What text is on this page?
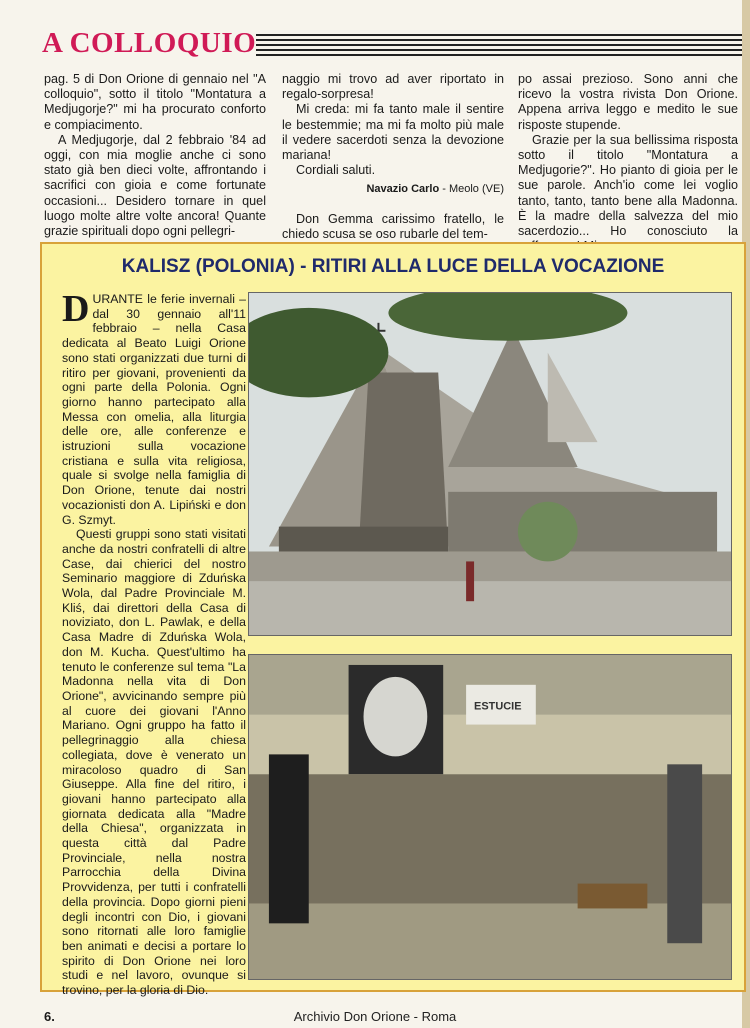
A COLLOQUIO

pag. 5 di Don Orione di gennaio nel "A colloquio", sotto il titolo "Montatura a Medjugorje?" mi ha procurato conforto e compiacimento.

A Medjugorje, dal 2 febbraio '84 ad oggi, con mia moglie anche ci sono stato già ben dieci volte, affrontando i sacrifici con gioia e come fortunate occasioni... Desidero tornare in quel luogo molte altre volte ancora! Quante grazie spirituali dopo ogni pellegri-

naggio mi trovo ad aver riportato in regalo-sorpresa!

Mi creda: mi fa tanto male il sentire le bestemmie; ma mi fa molto più male il vedere sacerdoti senza la devozione mariana!

Cordiali saluti.

Navazio Carlo - Meolo (VE)

Don Gemma carissimo fratello, le chiedo scusa se oso rubarle del tem-

po assai prezioso. Sono anni che ricevo la vostra rivista Don Orione. Appena arriva leggo e medito le sue risposte stupende.

Grazie per la sua bellissima risposta sotto il titolo "Montatura a Medjugorie?". Ho pianto di gioia per le sue parole. Anch'io come lei voglio tanto, tanto, tanto bene alla Madonna. È la madre della salvezza del mio sacerdozio... Ho conosciuto la

KALISZ (POLONIA) - RITIRI ALLA LUCE DELLA VOCAZIONE

DURANTE le ferie invernali – dal 30 gennaio all'11 febbraio – nella Casa dedicata al Beato Luigi Orione sono stati organizzati due turni di ritiro per giovani, provenienti da ogni parte della Polonia. Ogni giorno hanno partecipato alla Messa con omelia, alla liturgia delle ore, alle conferenze e istruzioni sulla vocazione cristiana e sulla vita religiosa, quale si svolge nella famiglia di Don Orione, tenute dai nostri vocazionisti don A. Lipiński e don G. Szmyt.

Questi gruppi sono stati visitati anche da nostri confratelli di altre Case, dai chierici del nostro Seminario maggiore di Zduńska Wola, dal Padre Provinciale M. Kliś, dai direttori della Casa di noviziato, don L. Pawlak, e della Casa Madre di Zduńska Wola, don M. Kucha. Quest'ultimo ha tenuto le conferenze sul tema "La Madonna nella vita di Don Orione", avvicinando sempre più al cuore dei giovani l'Anno Mariano. Ogni gruppo ha fatto il pellegrinaggio alla chiesa collegiata, dove è venerato un miracoloso quadro di San Giuseppe. Alla fine del ritiro, i giovani hanno partecipato alla giornata dedicata alla "Madre della Chiesa", organizzata in questa città dal Padre Provinciale, nella nostra Parrocchia della Divina Provvidenza, per tutti i confratelli della provincia. Dopo giorni pieni degli incontri con Dio, i giovani sono ritornati alle loro famiglie ben animati e decisi a portare lo spirito di Don Orione nei loro studi e nel lavoro, ovunque si trovino, per la gloria di Dio.

ESTUCIE
6.	Archivio Don Orione - Roma
